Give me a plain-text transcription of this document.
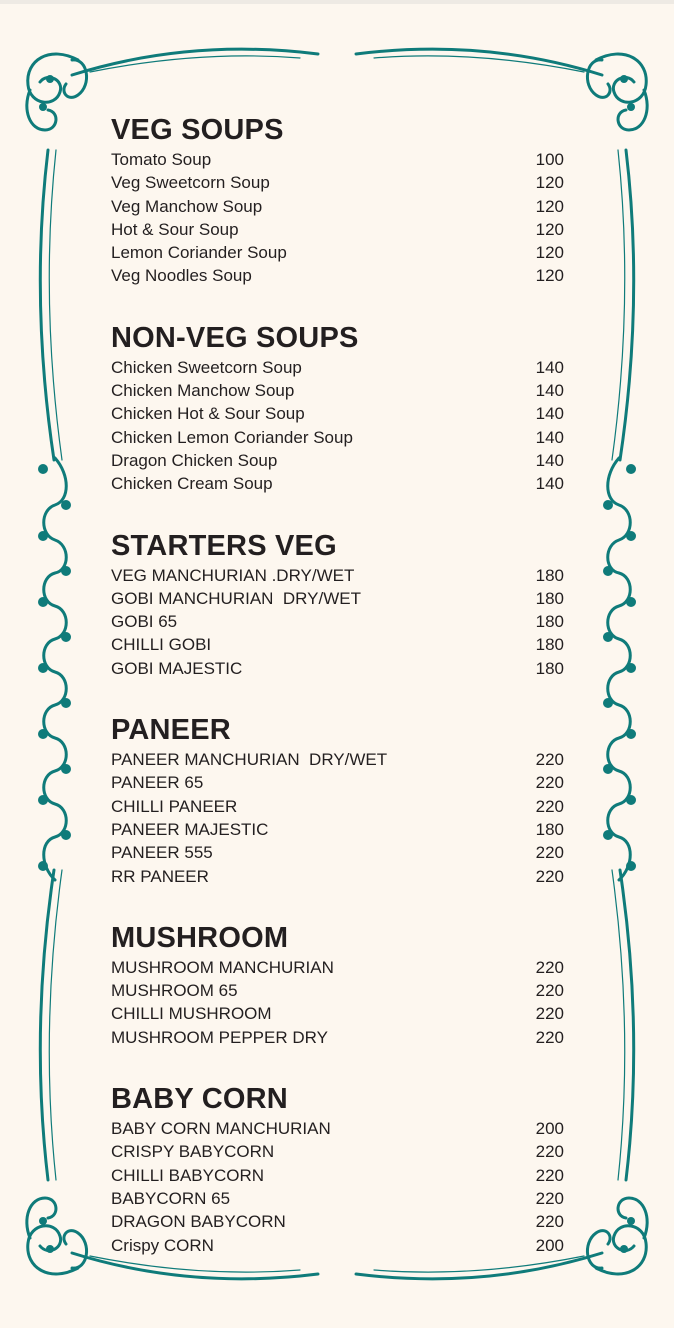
VEG SOUPS
Tomato Soup	100
Veg Sweetcorn Soup	120
Veg Manchow Soup	120
Hot & Sour Soup	120
Lemon Coriander Soup	120
Veg Noodles Soup	120
NON-VEG SOUPS
Chicken Sweetcorn Soup	140
Chicken Manchow Soup	140
Chicken Hot & Sour Soup	140
Chicken Lemon Coriander Soup	140
Dragon Chicken Soup	140
Chicken Cream Soup	140
STARTERS VEG
VEG MANCHURIAN .DRY/WET	180
GOBI MANCHURIAN  DRY/WET	180
GOBI 65	180
CHILLI GOBI	180
GOBI MAJESTIC	180
PANEER
PANEER MANCHURIAN  DRY/WET	220
PANEER 65	220
CHILLI PANEER	220
PANEER MAJESTIC	180
PANEER 555	220
RR PANEER	220
MUSHROOM
MUSHROOM MANCHURIAN	220
MUSHROOM 65	220
CHILLI MUSHROOM	220
MUSHROOM PEPPER DRY	220
BABY CORN
BABY CORN MANCHURIAN	200
CRISPY BABYCORN	220
CHILLI BABYCORN	220
BABYCORN 65	220
DRAGON BABYCORN	220
Crispy CORN	200
